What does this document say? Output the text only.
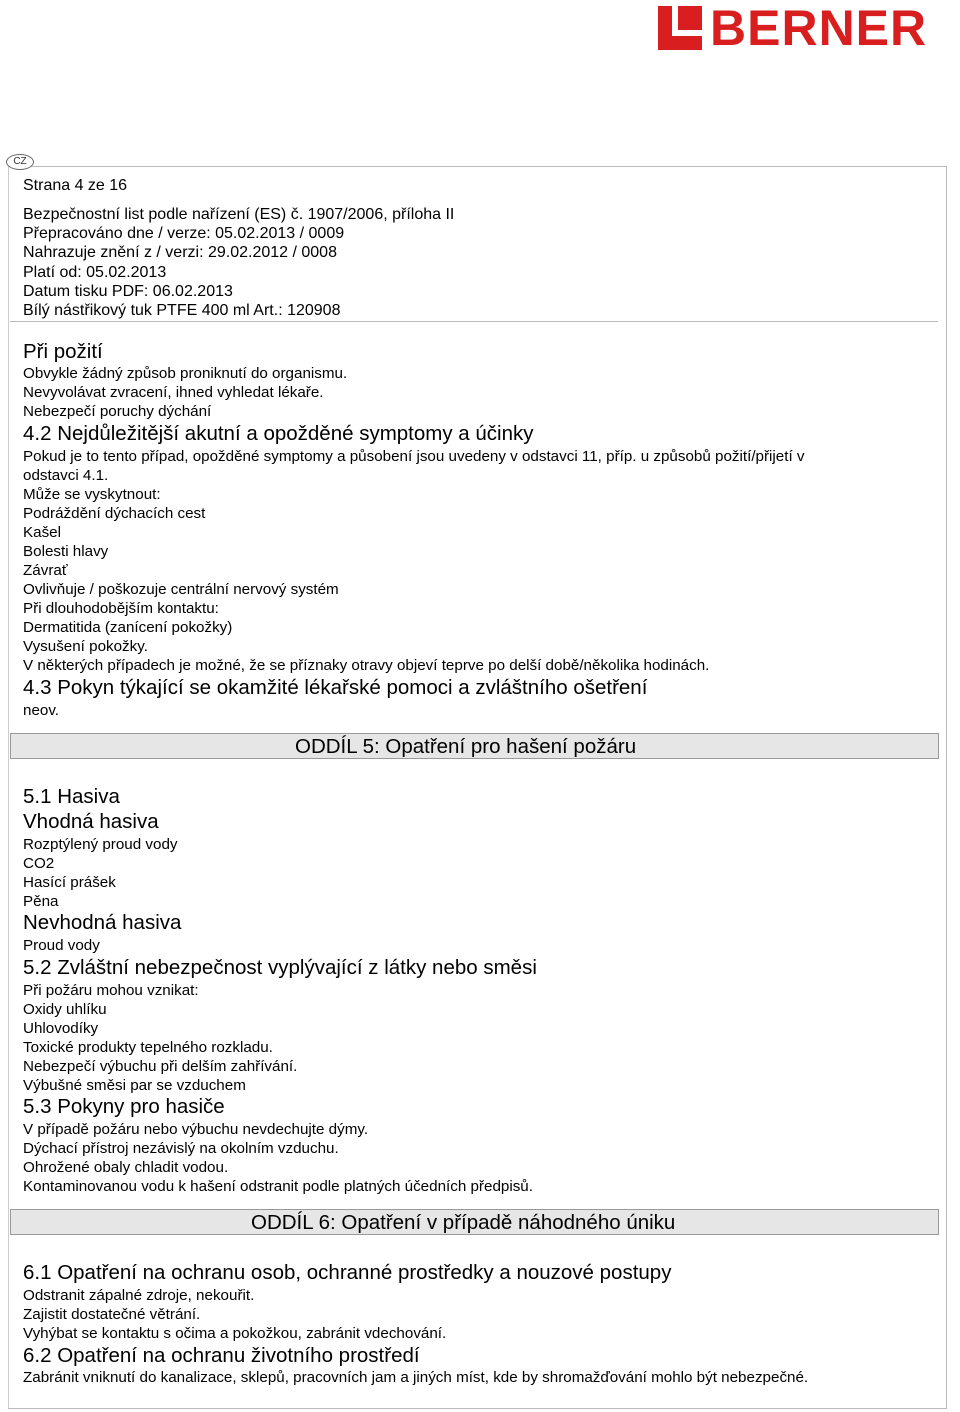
BERNER
CZ
Strana 4 ze 16
Bezpečnostní list podle nařízení (ES) č. 1907/2006, příloha II
Přepracováno dne / verze: 05.02.2013 / 0009
Nahrazuje znění z / verzi: 29.02.2012 / 0008
Platí od: 05.02.2013
Datum tisku PDF: 06.02.2013
Bílý nástřikový tuk PTFE 400 ml Art.: 120908
Při požití
Obvykle žádný způsob proniknutí do organismu.
Nevyvolávat zvracení, ihned vyhledat lékaře.
Nebezpečí poruchy dýchání
4.2 Nejdůležitější akutní a opožděné symptomy a účinky
Pokud je to tento případ, opožděné symptomy a působení jsou uvedeny v odstavci 11, příp. u způsobů požití/přijetí v
odstavci 4.1.
Může se vyskytnout:
Podráždění dýchacích cest
Kašel
Bolesti hlavy
Závrať
Ovlivňuje / poškozuje centrální nervový systém
Při dlouhodobějším kontaktu:
Dermatitida (zanícení pokožky)
Vysušení pokožky.
V některých případech je možné, že se příznaky otravy objeví teprve po delší době/několika hodinách.
4.3 Pokyn týkající se okamžité lékařské pomoci a zvláštního ošetření
neov.
ODDÍL 5: Opatření pro hašení požáru
5.1 Hasiva
Vhodná hasiva
Rozptýlený proud vody
CO2
Hasící prášek
Pěna
Nevhodná hasiva
Proud vody
5.2 Zvláštní nebezpečnost vyplývající z látky nebo směsi
Při požáru mohou vznikat:
Oxidy uhlíku
Uhlovodíky
Toxické produkty tepelného rozkladu.
Nebezpečí výbuchu při delším zahřívání.
Výbušné směsi par se vzduchem
5.3 Pokyny pro hasiče
V případě požáru nebo výbuchu nevdechujte dýmy.
Dýchací přístroj nezávislý na okolním vzduchu.
Ohrožené obaly chladit vodou.
Kontaminovanou vodu k hašení odstranit podle platných účedních předpisů.
ODDÍL 6: Opatření v případě náhodného úniku
6.1 Opatření na ochranu osob, ochranné prostředky a nouzové postupy
Odstranit zápalné zdroje, nekouřit.
Zajistit dostatečné větrání.
Vyhýbat se kontaktu s očima a pokožkou, zabránit vdechování.
6.2 Opatření na ochranu životního prostředí
Zabránit vniknutí do kanalizace, sklepů, pracovních jam a jiných míst, kde by shromažďování mohlo být nebezpečné.
